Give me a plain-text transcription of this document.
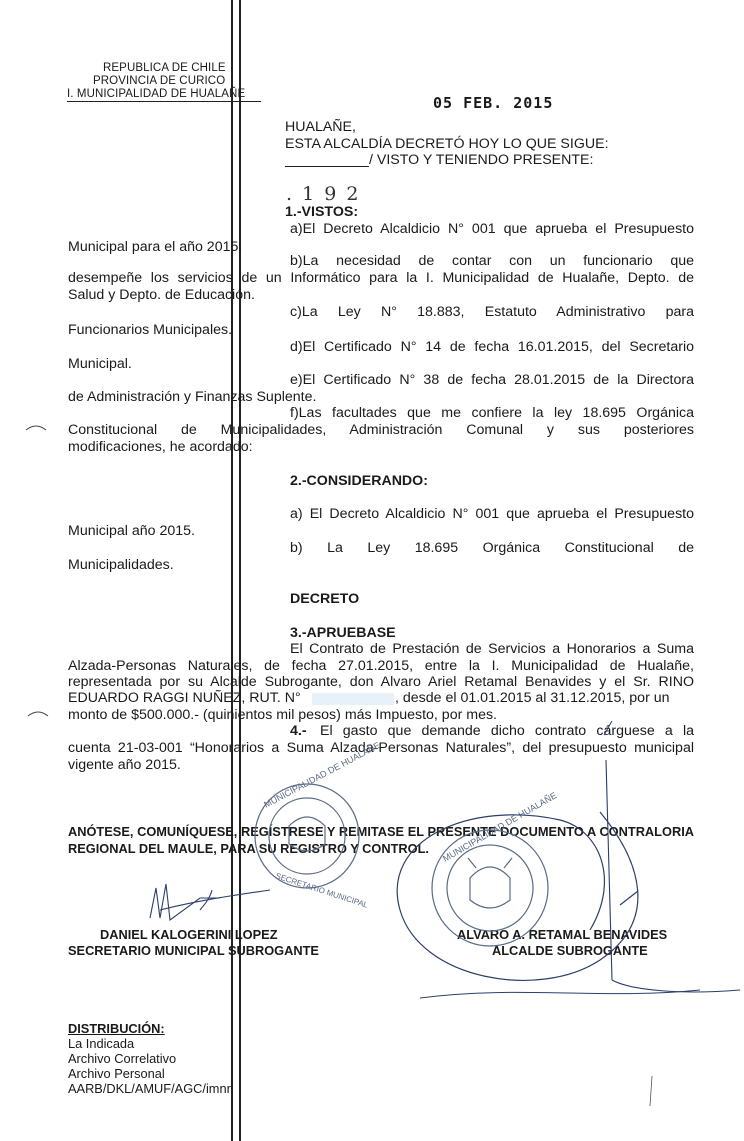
REPUBLICA DE CHILE
PROVINCIA DE CURICO
I. MUNICIPALIDAD DE HUALAÑE	05 FEB. 2015
HUALAÑE,
ESTA ALCALDÍA DECRETÓ HOY LO QUE SIGUE:
/ VISTO Y TENIENDO PRESENTE:
. 1 9 2
1.-VISTOS:
a)El Decreto Alcaldicio N° 001 que aprueba el Presupuesto
Municipal para el año 2015.
b)La necesidad de contar con un funcionario que
desempeñe los servicios de un Informático para la I. Municipalidad de Hualañe, Depto. de
Salud y Depto. de Educación.
c)La Ley N° 18.883, Estatuto Administrativo para
Funcionarios Municipales.
d)El Certificado N° 14 de fecha 16.01.2015, del Secretario
Municipal.
e)El Certificado N° 38 de fecha 28.01.2015 de la Directora
de Administración y Finanzas Suplente.
f)Las facultades que me confiere la ley 18.695 Orgánica
Constitucional de Municipalidades, Administración Comunal y sus posteriores
modificaciones, he acordado:
2.-CONSIDERANDO:
a) El Decreto Alcaldicio N° 001 que aprueba el Presupuesto
Municipal año 2015.
b) La Ley 18.695 Orgánica Constitucional de
Municipalidades.
DECRETO
3.-APRUEBASE
El Contrato de Prestación de Servicios a Honorarios a Suma
Alzada-Personas Naturales, de fecha 27.01.2015, entre la I. Municipalidad de Hualañe,
representada por su Alcalde Subrogante, don Alvaro Ariel Retamal Benavides y el Sr. RINO
EDUARDO RAGGI NUÑEZ, RUT. N°	, desde el 01.01.2015 al 31.12.2015, por un
monto de $500.000.- (quinientos mil pesos) más Impuesto, por mes.
4.- El gasto que demande dicho contrato cárguese a la
cuenta 21-03-001 “Honorarios a Suma Alzada-Personas Naturales”, del presupuesto municipal
vigente año 2015.
ANÓTESE, COMUNÍQUESE, REGÍSTRESE Y REMITASE EL PRESENTE DOCUMENTO A CONTRALORIA
REGIONAL DEL MAULE, PARA SU REGISTRO Y CONTROL.
DANIEL KALOGERINI LOPEZ
SECRETARIO MUNICIPAL SUBROGANTE
ALVARO A. RETAMAL BENAVIDES
ALCALDE SUBROGANTE
MUNICIPALIDAD DE HUALAÑE
SECRETARIO MUNICIPAL
MUNICIPALIDAD DE HUALAÑE
DISTRIBUCIÓN:
La Indicada
Archivo Correlativo
Archivo Personal
AARB/DKL/AMUF/AGC/imnr.
